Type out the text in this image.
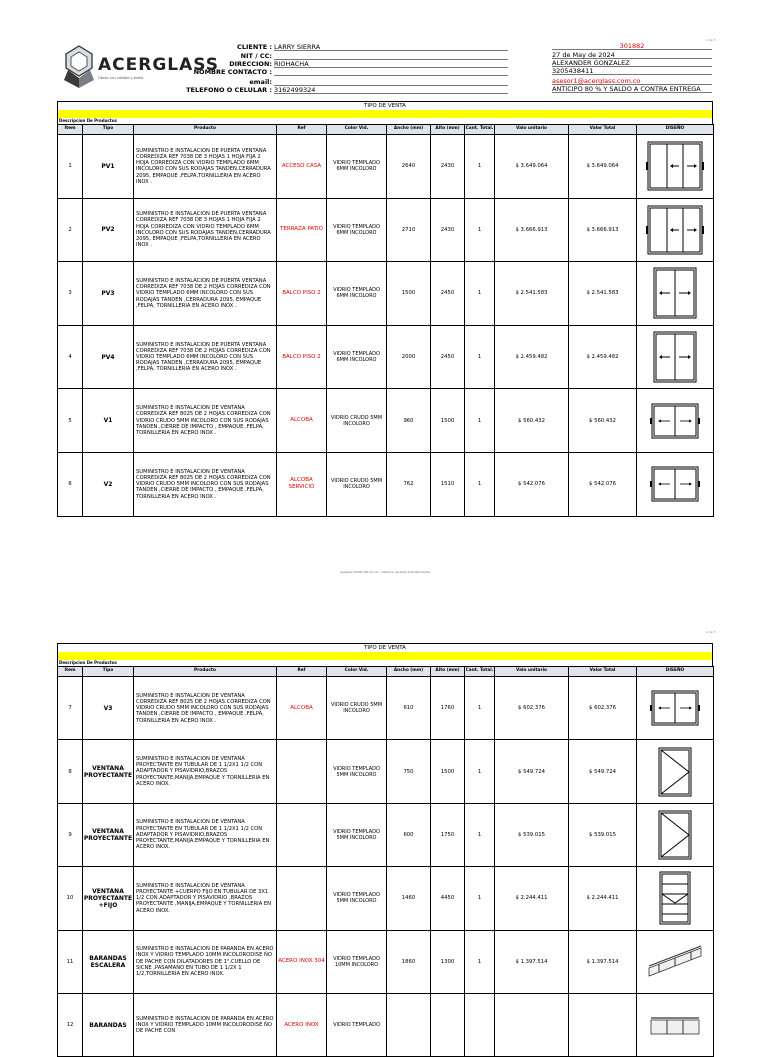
1 de 3
ACERGLASS
Obras con calidad y estilo
CLIENTE : LARRY SIERRA
NIT / CC:
DIRECCION: RIOHACHA
NOMBRE CONTACTO :
email:
TELEFONO O CELULAR : 3162499324
301882
27 de May de 2024
ALEXANDER GONZALEZ
3205438411
asesor1@acerglass.com.co
ANTICIPO 80 % Y SALDO A CONTRA ENTREGA
TIPO DE VENTA
Descripcion De Productos
Item	Tipo	Producto	Ref	Color Vid.	Ancho (mm)	Alto (mm)	Cant. Total.	Valo unitario	Valor Total	DISEÑO
1	PV1	SUMINISTRO E INSTALACION DE PUERTA VENTANA CORREDIZA REF 7038 DE 3 HOJAS 1 HOJA FIJA 2 HOJA CORREDIZA CON VIDRIO TEMPLADO 6MM INCOLORO CON SUS RODAJAS TANDEN,CERRADURA 2095, EMPAQUE ,FELPA,TORNILLERIA EN ACERO INOX .	ACCESO CASA	VIDRIO TEMPLADO 6MM INCOLORO	2640	2430	1	$ 3.649.064	$ 3.649.064	

2	PV2	SUMINISTRO E INSTALACION DE PUERTA VENTANA CORREDIZA REF 7038 DE 3 HOJAS 1 HOJA FIJA 2 HOJA CORREDIZA CON VIDRIO TEMPLADO 6MM INCOLORO CON SUS RODAJAS TANDEN,CERRADURA 2095, EMPAQUE ,FELPA,TORNILLERIA EN ACERO INOX .	TERRAZA PATIO	VIDRIO TEMPLADO 6MM INCOLORO	2710	2430	1	$ 3.666.913	$ 3.666.913	

3	PV3	SUMINISTRO E INSTALACION DE PUERTA VENTANA CORREDIZA REF 7038 DE 2 HOJAS CORREDIZA CON VIDRIO TEMPLADO 6MM INCOLORO CON SUS RODAJAS TANDEN ,CERRADURA 2095, EMPAQUE ,FELPA, TORNILLERIA EN ACERO INOX .	BALCO PISO 2	VIDRIO TEMPLADO 6MM INCOLORO	1500	2450	1	$ 2.541.583	$ 2.541.583	

4	PV4	SUMINISTRO E INSTALACION DE PUERTA VENTANA CORREDIZA REF 7038 DE 2 HOJAS CORREDIZA CON VIDRIO TEMPLADO 6MM INCOLORO CON SUS RODAJAS TANDEN ,CERRADURA 2095, EMPAQUE ,FELPA, TORNILLERIA EN ACERO INOX .	BALCO PISO 2	VIDRIO TEMPLADO 6MM INCOLORO	2000	2450	1	$ 2.459.482	$ 2.459.482	

5	V1	SUMINISTRO E INSTALACION DE VENTANA CORREDIZA REF 8025 DE 2 HOJAS CORREDIZA CON VIDRIO CRUDO 5MM INCOLORO CON SUS RODAJAS TANDEN ,CIERRE DE IMPACTO , EMPAQUE ,FELPA, TORNILLERIA EN ACERO INOX .	ALCOBA	VIDRIO CRUDO 5MM INCOLORO	960	1500	1	$ 560.432	$ 560.432	

6	V2	SUMINISTRO E INSTALACION DE VENTANA CORREDIZA REF 8025 DE 2 HOJAS CORREDIZA CON VIDRIO CRUDO 5MM INCOLORO CON SUS RODAJAS TANDEN ,CIERRE DE IMPACTO , EMPAQUE ,FELPA, TORNILLERIA EN ACERO INOX .	ALCOBA SERVICIO	VIDRIO CRUDO 5MM INCOLORO	762	1510	1	$ 542.076	$ 542.076	
Acerglass SAS NIT 900.xxx.xxx - Cotizacion generada automaticamente
2 de 3
TIPO DE VENTA
Descripcion De Productos
Item	Tipo	Producto	Ref	Color Vid.	Ancho (mm)	Alto (mm)	Cant. Total.	Valo unitario	Valor Total	DISEÑO
7	V3	SUMINISTRO E INSTALACION DE VENTANA CORREDIZA REF 8025 DE 2 HOJAS CORREDIZA CON VIDRIO CRUDO 5MM INCOLORO CON SUS RODAJAS TANDEN ,CIERRE DE IMPACTO , EMPAQUE ,FELPA, TORNILLERIA EN ACERO INOX .	ALCOBA	VIDRIO CRUDO 5MM INCOLORO	610	1760	1	$ 602.376	$ 602.376	

8	VENTANA PROYECTANTE	SUMINISTRO E INSTALACION DE VENTANA PROYECTANTE EN TUBULAR DE 1 1/2X1 1/2 CON ADAPTADOR Y PISAVIDRIO,BRAZOS PROYECTANTE,MANIJA,EMPAQUE Y TORNILLERIA EN ACERO INOX.		VIDRIO TEMPLADO 5MM INCOLORO	750	1500	1	$ 549.724	$ 549.724	

9	VENTANA PROYECTANTE	SUMINISTRO E INSTALACION DE VENTANA PROYECTANTE EN TUBULAR DE 1 1/2X1 1/2 CON ADAPTADOR Y PISAVIDRIO,BRAZOS PROYECTANTE,MANIJA,EMPAQUE Y TORNILLERIA EN ACERO INOX.		VIDRIO TEMPLADO 5MM INCOLORO	600	1750	1	$ 539.015	$ 539.015	

10	VENTANA PROYECTANTE +FIJO	SUMINISTRO E INSTALACION DE VENTANA PROYECTANTE +CUERPO FIJO EN TUBULAR DE 3X1 1/2 CON ADAPTADOR Y PISAVIDRIO ,BRAZOS PROYECTANTE ,MANIJA,EMPAQUE Y TORNILLERIA EN ACERO INOX.		VIDRIO TEMPLADO 5MM INCOLORO	1460	4450	1	$ 2.244.411	$ 2.244.411	

11	BARANDAS ESCALERA	SUMINISTRO E INSTALACION DE PARANDA EN ACERO INOX Y VIDRIO TEMPLADO 10MM INCOLORODISE ÑO DE PACHE CON DILATADORES DE 1",CUELLO DE SICNE ,PASAMANO EN TUBO DE 1 1/2X 1 1/2,TORNILLERIA EN ACERO INOX.	ACERO INOX 304	VIDRIO TEMPLADO 10MM INCOLORO	1860	1300	1	$ 1.397.514	$ 1.397.514	

12	BARANDAS	SUMINISTRO E INSTALACION DE PARANDA EN ACERO INOX Y VIDRIO TEMPLADO 10MM INCOLORODISE ÑO DE PACHE CON	ACERO INOX	VIDRIO TEMPLADO						
